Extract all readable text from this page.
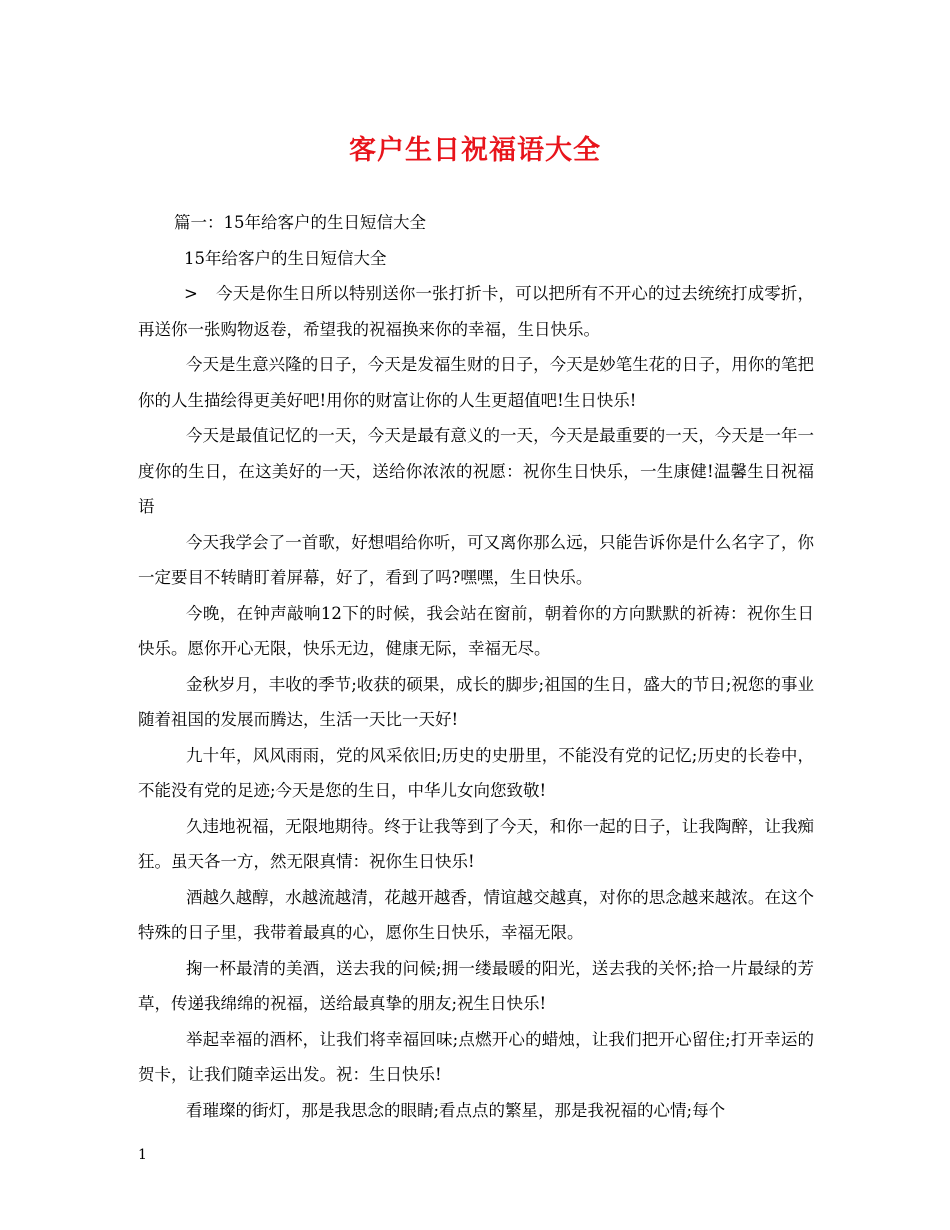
客户生日祝福语大全
篇一：15年给客户的生日短信大全
15年给客户的生日短信大全

> 今天是你生日所以特别送你一张打折卡，可以把所有不开心的过去统统打成零折，再送你一张购物返卷，希望我的祝福换来你的幸福，生日快乐。

今天是生意兴隆的日子，今天是发福生财的日子，今天是妙笔生花的日子，用你的笔把你的人生描绘得更美好吧!用你的财富让你的人生更超值吧!生日快乐!

今天是最值记忆的一天，今天是最有意义的一天，今天是最重要的一天，今天是一年一度你的生日，在这美好的一天，送给你浓浓的祝愿：祝你生日快乐，一生康健!温馨生日祝福语

今天我学会了一首歌，好想唱给你听，可又离你那么远，只能告诉你是什么名字了，你一定要目不转睛盯着屏幕，好了，看到了吗?嘿嘿，生日快乐。

今晚，在钟声敲响12下的时候，我会站在窗前，朝着你的方向默默的祈祷：祝你生日快乐。愿你开心无限，快乐无边，健康无际，幸福无尽。

金秋岁月，丰收的季节;收获的硕果，成长的脚步;祖国的生日，盛大的节日;祝您的事业随着祖国的发展而腾达，生活一天比一天好!

九十年，风风雨雨，党的风采依旧;历史的史册里，不能没有党的记忆;历史的长卷中，不能没有党的足迹;今天是您的生日，中华儿女向您致敬!

久违地祝福，无限地期待。终于让我等到了今天，和你一起的日子，让我陶醉，让我痴狂。虽天各一方，然无限真情：祝你生日快乐!

酒越久越醇，水越流越清，花越开越香，情谊越交越真，对你的思念越来越浓。在这个特殊的日子里，我带着最真的心，愿你生日快乐，幸福无限。

掬一杯最清的美酒，送去我的问候;拥一缕最暖的阳光，送去我的关怀;拾一片最绿的芳草，传递我绵绵的祝福，送给最真挚的朋友;祝生日快乐!

举起幸福的酒杯，让我们将幸福回味;点燃开心的蜡烛，让我们把开心留住;打开幸运的贺卡，让我们随幸运出发。祝：生日快乐!

看璀璨的街灯，那是我思念的眼睛;看点点的繁星，那是我祝福的心情;每个

1
